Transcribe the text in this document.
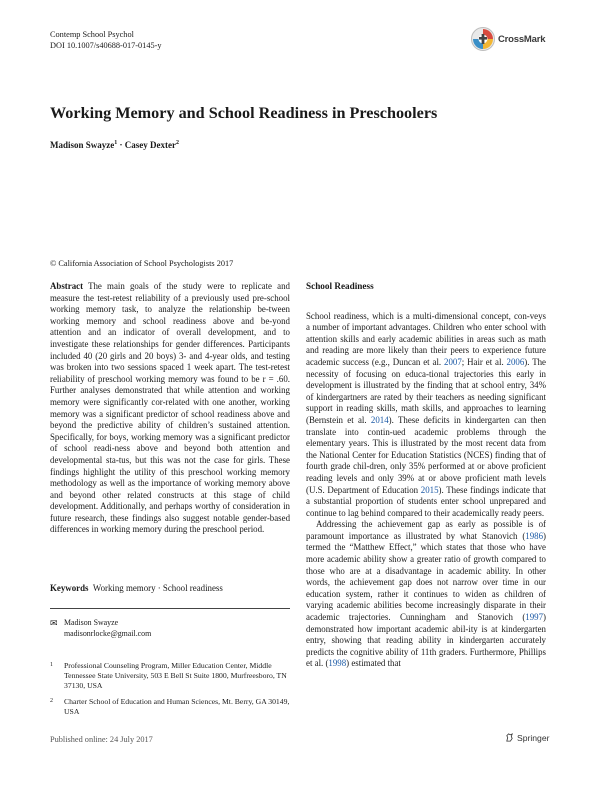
Contemp School Psychol
DOI 10.1007/s40688-017-0145-y
CrossMark
Working Memory and School Readiness in Preschoolers
Madison Swayze$^1$ · Casey Dexter$^2$
© California Association of School Psychologists 2017

Abstract The main goals of the study were to replicate and measure the test-retest reliability of a previously used pre-school working memory task, to analyze the relationship be-tween working memory and school readiness above and be-yond attention and an indicator of overall development, and to investigate these relationships for gender differences. Participants included 40 (20 girls and 20 boys) 3- and 4-year olds, and testing was broken into two sessions spaced 1 week apart. The test-retest reliability of preschool working memory was found to be r = .60. Further analyses demonstrated that while attention and working memory were significantly cor-related with one another, working memory was a significant predictor of school readiness above and beyond the predictive ability of children’s sustained attention. Specifically, for boys, working memory was a significant predictor of school readi-ness above and beyond both attention and developmental sta-tus, but this was not the case for girls. These findings highlight the utility of this preschool working memory methodology as well as the importance of working memory above and beyond other related constructs at this stage of child development. Additionally, and perhaps worthy of consideration in future research, these findings also suggest notable gender-based differences in working memory during the preschool period.

Keywords Working memory · School readiness
✉ Madison Swayze
madisonrlocke@gmail.com
1 Professional Counseling Program, Miller Education Center, Middle Tennessee State University, 503 E Bell St Suite 1800, Murfreesboro, TN 37130, USA
2 Charter School of Education and Human Sciences, Mt. Berry, GA 30149, USA
School Readiness

School readiness, which is a multi-dimensional concept, con-veys a number of important advantages. Children who enter school with attention skills and early academic abilities in areas such as math and reading are more likely than their peers to experience future academic success (e.g., Duncan et al. 2007; Hair et al. 2006). The necessity of focusing on educa-tional trajectories this early in development is illustrated by the finding that at school entry, 34% of kindergartners are rated by their teachers as needing significant support in reading skills, math skills, and approaches to learning (Bernstein et al. 2014). These deficits in kindergarten can then translate into contin-ued academic problems through the elementary years. This is illustrated by the most recent data from the National Center for Education Statistics (NCES) finding that of fourth grade chil-dren, only 35% performed at or above proficient reading levels and only 39% at or above proficient math levels (U.S. Department of Education 2015). These findings indicate that a substantial proportion of students enter school unprepared and continue to lag behind compared to their academically ready peers.

Addressing the achievement gap as early as possible is of paramount importance as illustrated by what Stanovich (1986) termed the “Matthew Effect,” which states that those who have more academic ability show a greater ratio of growth compared to those who are at a disadvantage in academic ability. In other words, the achievement gap does not narrow over time in our education system, rather it continues to widen as children of varying academic abilities become increasingly disparate in their academic trajectories. Cunningham and Stanovich (1997) demonstrated how important academic abil-ity is at kindergarten entry, showing that reading ability in kindergarten accurately predicts the cognitive ability of 11th graders. Furthermore, Phillips et al. (1998) estimated that

Published online: 24 July 2017	Springer
